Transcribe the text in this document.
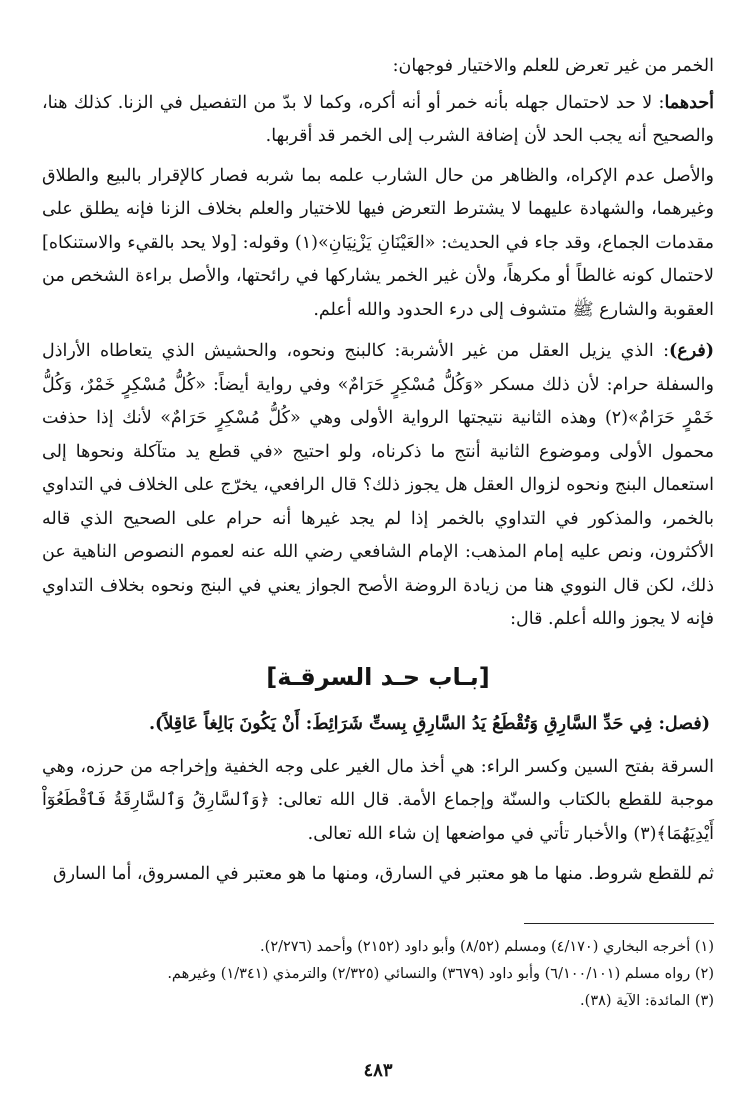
الخمر من غير تعرض للعلم والاختيار فوجهان:

أحدهما: لا حد لاحتمال جهله بأنه خمر أو أنه أكره، وكما لا بدّ من التفصيل في الزنا. كذلك هنا، والصحيح أنه يجب الحد لأن إضافة الشرب إلى الخمر قد أقربها.

والأصل عدم الإكراه، والظاهر من حال الشارب علمه بما شربه فصار كالإقرار بالبيع والطلاق وغيرهما، والشهادة عليهما لا يشترط التعرض فيها للاختيار والعلم بخلاف الزنا فإنه يطلق على مقدمات الجماع، وقد جاء في الحديث: «العَيْنَانِ يَزْنِيَانِ»(١) وقوله: [ولا يحد بالقيء والاستنكاه] لاحتمال كونه غالطاً أو مكرهاً، ولأن غير الخمر يشاركها في رائحتها، والأصل براءة الشخص من العقوبة والشارع ﷺ متشوف إلى درء الحدود والله أعلم.

(فرع): الذي يزيل العقل من غير الأشربة: كالبنج ونحوه، والحشيش الذي يتعاطاه الأراذل والسفلة حرام: لأن ذلك مسكر «وَكُلُّ مُسْكِرٍ حَرَامٌ» وفي رواية أيضاً: «كُلُّ مُسْكِرٍ خَمْرٌ، وَكُلُّ خَمْرٍ حَرَامٌ»(٢) وهذه الثانية نتيجتها الرواية الأولى وهي «كُلُّ مُسْكِرٍ حَرَامٌ» لأنك إذا حذفت محمول الأولى وموضوع الثانية أنتج ما ذكرناه، ولو احتيج «في قطع يد متآكلة ونحوها إلى استعمال البنج ونحوه لزوال العقل هل يجوز ذلك؟ قال الرافعي، يخرّج على الخلاف في التداوي بالخمر، والمذكور في التداوي بالخمر إذا لم يجد غيرها أنه حرام على الصحيح الذي قاله الأكثرون، ونص عليه إمام المذهب: الإمام الشافعي رضي الله عنه لعموم النصوص الناهية عن ذلك، لكن قال النووي هنا من زيادة الروضة الأصح الجواز يعني في البنج ونحوه بخلاف التداوي فإنه لا يجوز والله أعلم. قال:

[بـاب حـد السرقـة]

(فصل: فِي حَدِّ السَّارِقِ وَتُقْطَعُ يَدُ السَّارِقِ بِستِّ شَرَائِطَ: أَنْ يَكُونَ بَالِغاً عَاقِلاً).

السرقة بفتح السين وكسر الراء: هي أخذ مال الغير على وجه الخفية وإخراجه من حرزه، وهي موجبة للقطع بالكتاب والسنّة وإجماع الأمة. قال الله تعالى: ﴿وَٱلسَّارِقُ وَٱلسَّارِقَةُ فَٱقْطَعُوٓاْ أَيْدِيَهُمَا﴾(٣) والأخبار تأتي في مواضعها إن شاء الله تعالى.

ثم للقطع شروط. منها ما هو معتبر في السارق، ومنها ما هو معتبر في المسروق، أما السارق

(١) أخرجه البخاري (٤/١٧٠) ومسلم (٨/٥٢) وأبو داود (٢١٥٢) وأحمد (٢/٢٧٦).

(٢) رواه مسلم (٦/١٠٠/١٠١) وأبو داود (٣٦٧٩) والنسائي (٢/٣٢٥) والترمذي (١/٣٤١) وغيرهم.

(٣) المائدة: الآية (٣٨).

٤٨٣
